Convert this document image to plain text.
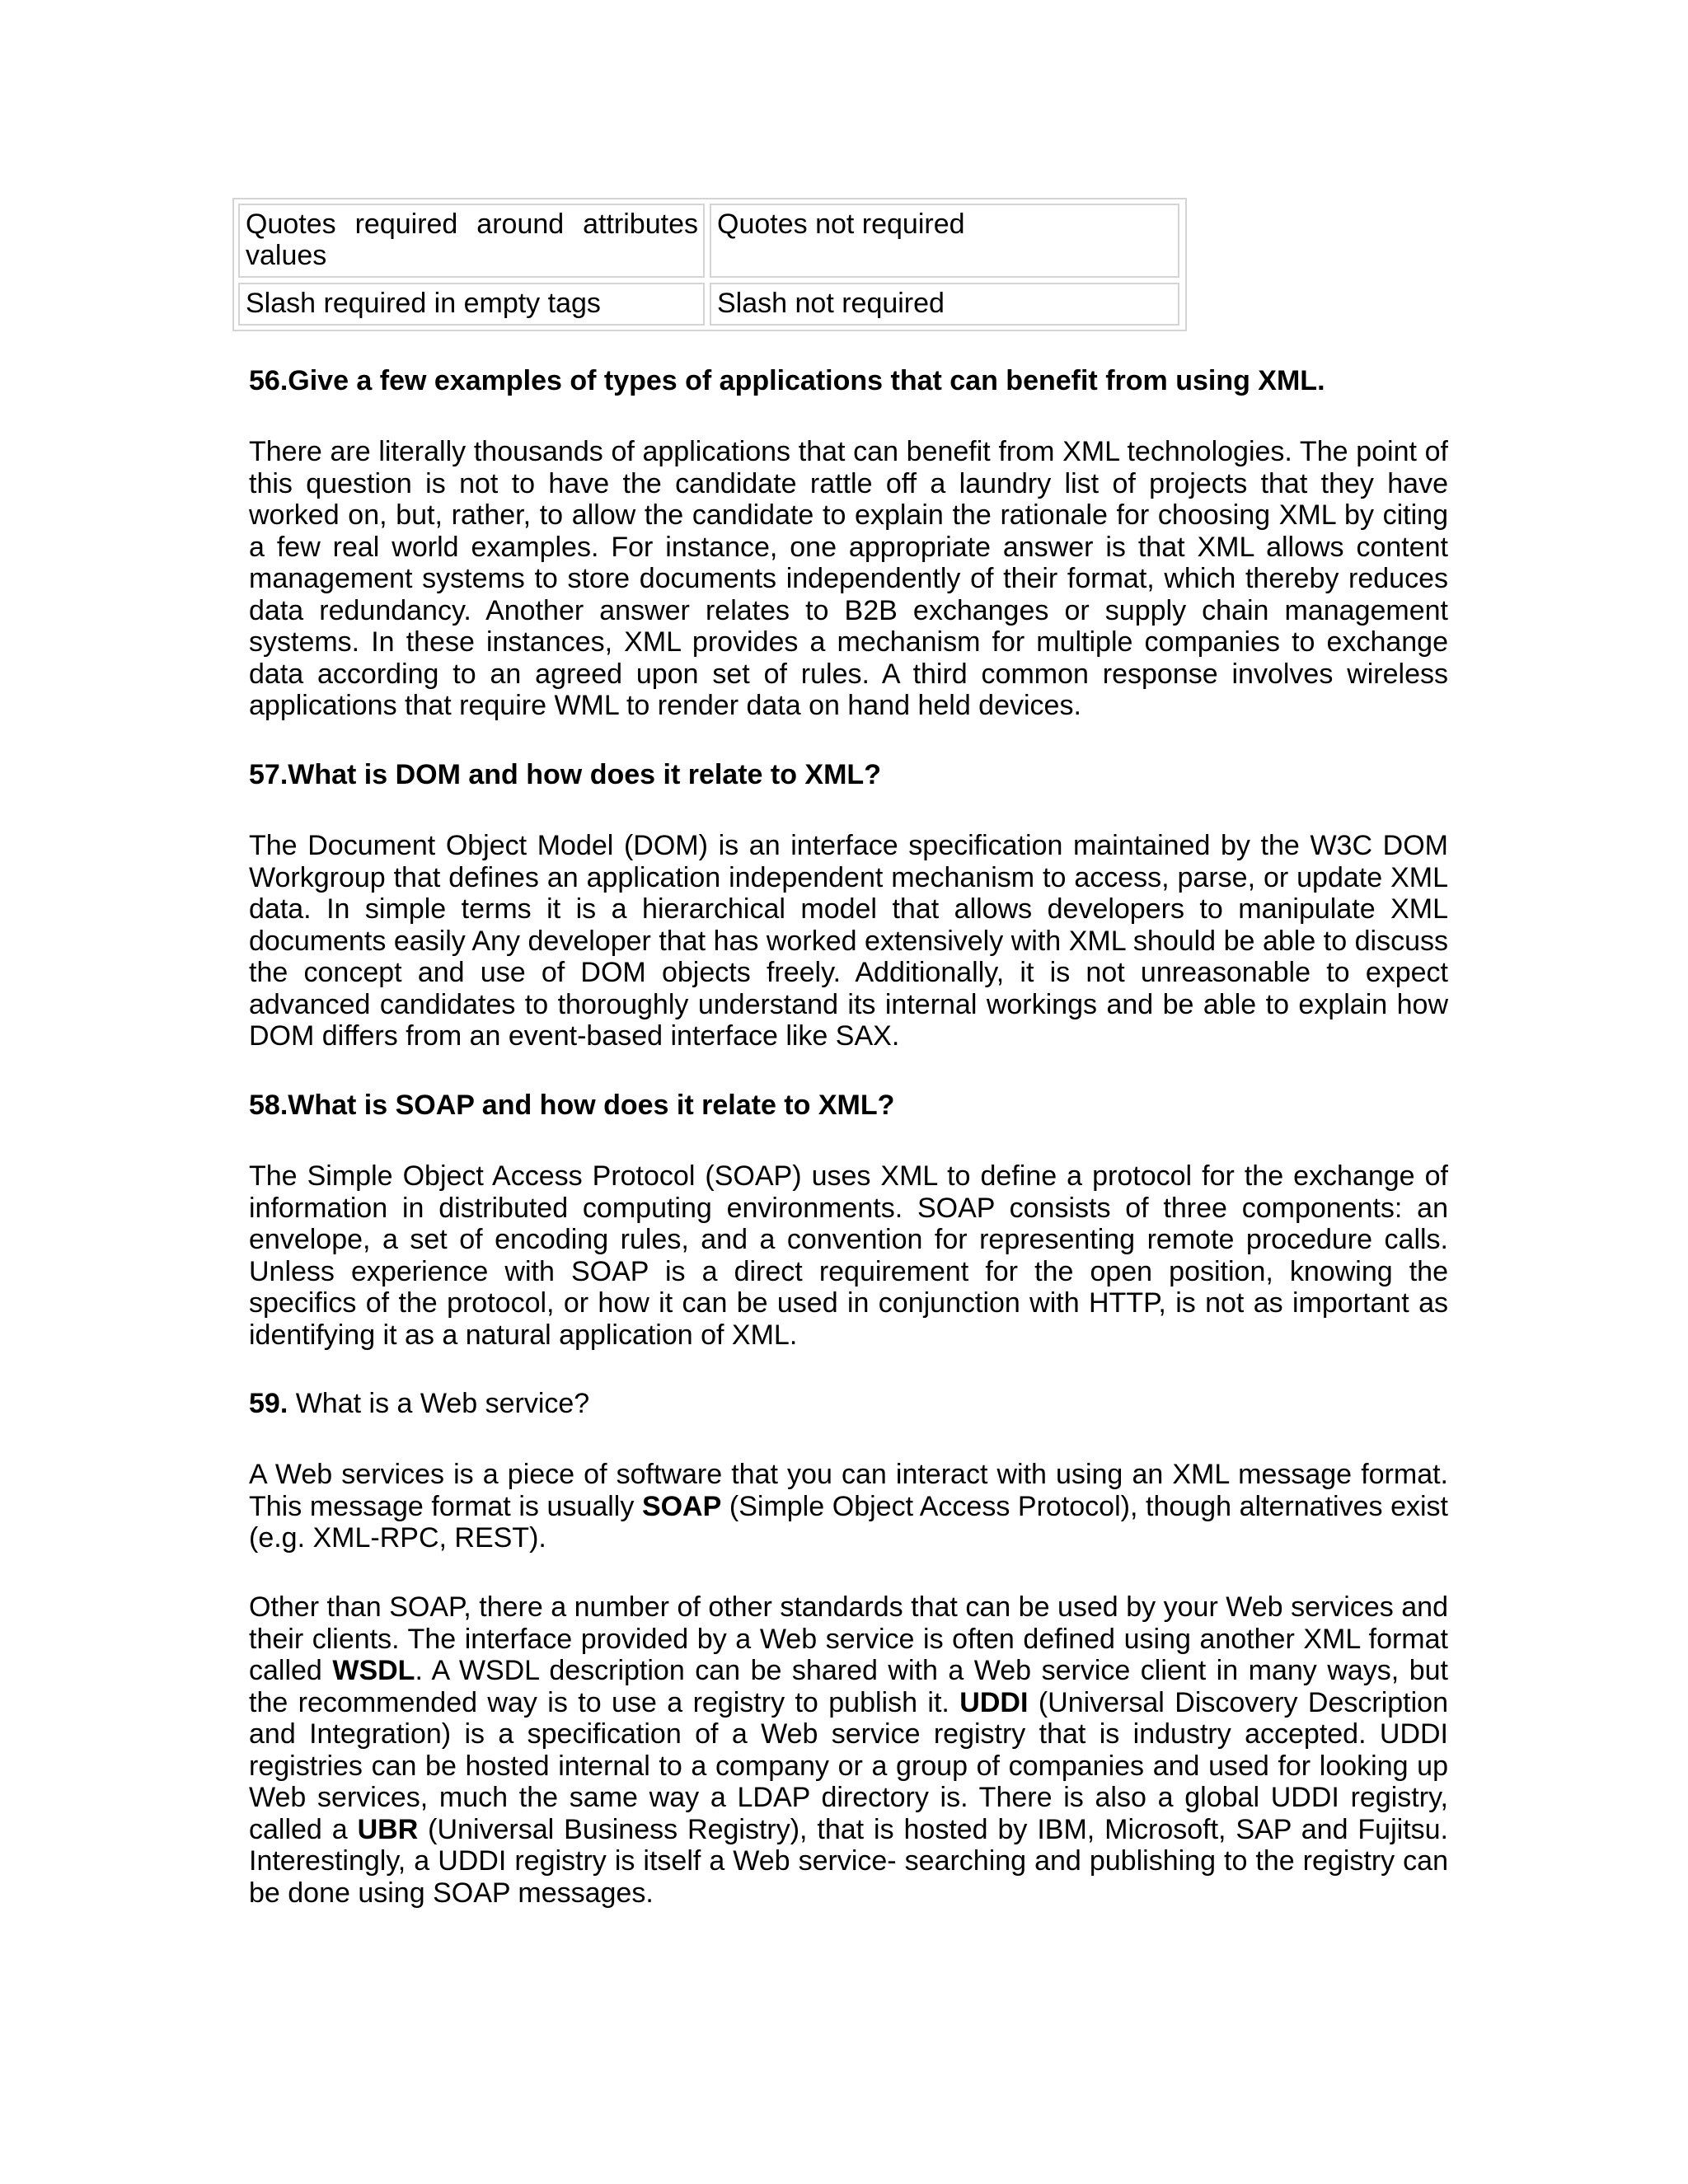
Quotes required around attributes values
Quotes not required
Slash required in empty tags	Slash not required

56.Give a few examples of types of applications that can benefit from using XML.

There are literally thousands of applications that can benefit from XML technologies. The point of this question is not to have the candidate rattle off a laundry list of projects that they have worked on, but, rather, to allow the candidate to explain the rationale for choosing XML by citing a few real world examples. For instance, one appropriate answer is that XML allows content management systems to store documents independently of their format, which thereby reduces data redundancy. Another answer relates to B2B exchanges or supply chain management systems. In these instances, XML provides a mechanism for multiple companies to exchange data according to an agreed upon set of rules. A third common response involves wireless applications that require WML to render data on hand held devices.

57.What is DOM and how does it relate to XML?

The Document Object Model (DOM) is an interface specification maintained by the W3C DOM Workgroup that defines an application independent mechanism to access, parse, or update XML data. In simple terms it is a hierarchical model that allows developers to manipulate XML documents easily Any developer that has worked extensively with XML should be able to discuss the concept and use of DOM objects freely. Additionally, it is not unreasonable to expect advanced candidates to thoroughly understand its internal workings and be able to explain how DOM differs from an event-based interface like SAX.

58.What is SOAP and how does it relate to XML?

The Simple Object Access Protocol (SOAP) uses XML to define a protocol for the exchange of information in distributed computing environments. SOAP consists of three components: an envelope, a set of encoding rules, and a convention for representing remote procedure calls. Unless experience with SOAP is a direct requirement for the open position, knowing the specifics of the protocol, or how it can be used in conjunction with HTTP, is not as important as identifying it as a natural application of XML.

59. What is a Web service?

A Web services is a piece of software that you can interact with using an XML message format. This message format is usually SOAP (Simple Object Access Protocol), though alternatives exist (e.g. XML-RPC, REST).

Other than SOAP, there a number of other standards that can be used by your Web services and their clients. The interface provided by a Web service is often defined using another XML format called WSDL. A WSDL description can be shared with a Web service client in many ways, but the recommended way is to use a registry to publish it. UDDI (Universal Discovery Description and Integration) is a specification of a Web service registry that is industry accepted. UDDI registries can be hosted internal to a company or a group of companies and used for looking up Web services, much the same way a LDAP directory is. There is also a global UDDI registry, called a UBR (Universal Business Registry), that is hosted by IBM, Microsoft, SAP and Fujitsu. Interestingly, a UDDI registry is itself a Web service- searching and publishing to the registry can be done using SOAP messages.
